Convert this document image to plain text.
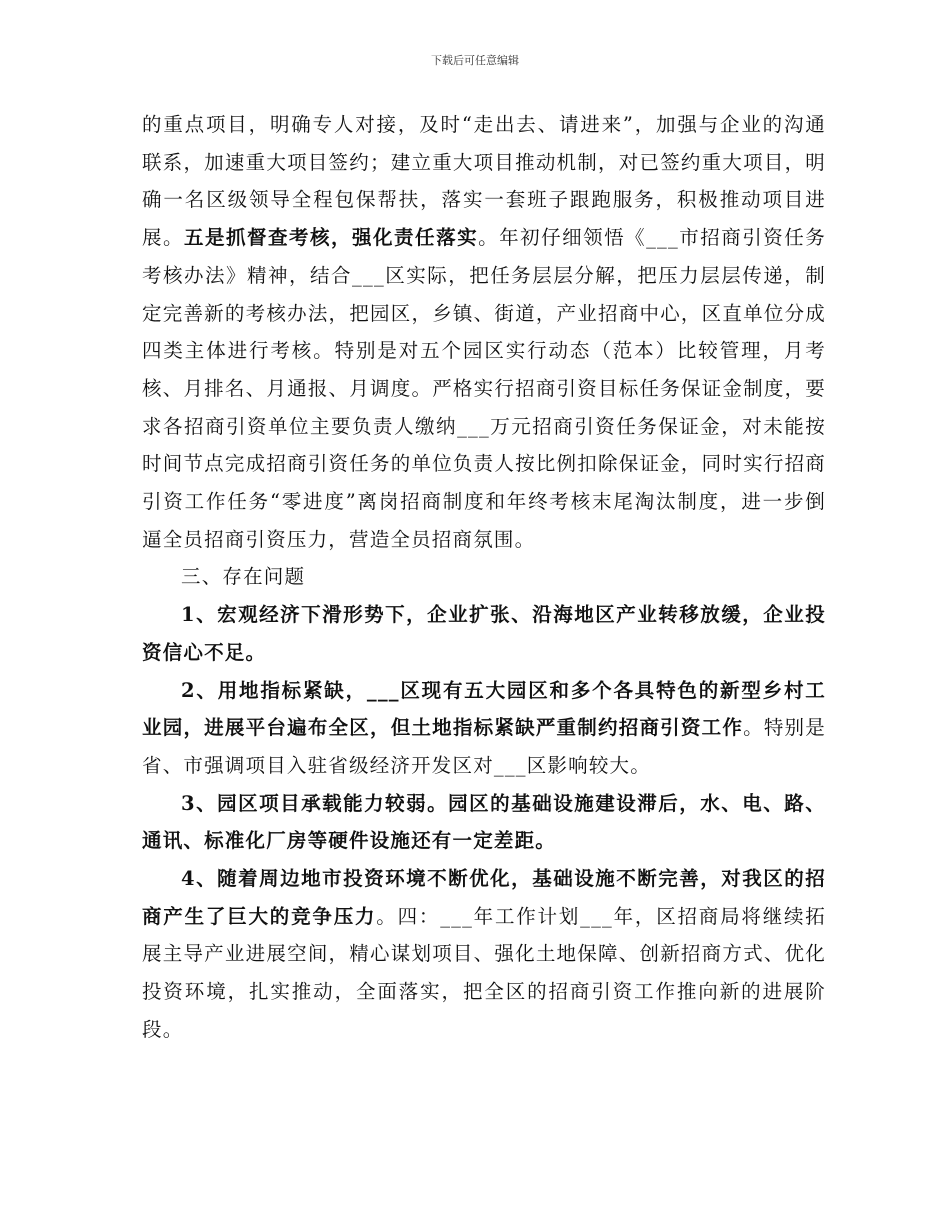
下载后可任意编辑

的重点项目，明确专人对接，及时“走出去、请进来”，加强与企业的沟通联系，加速重大项目签约；建立重大项目推动机制，对已签约重大项目，明确一名区级领导全程包保帮扶，落实一套班子跟跑服务，积极推动项目进展。五是抓督查考核，强化责任落实。年初仔细领悟《___市招商引资任务考核办法》精神，结合___区实际，把任务层层分解，把压力层层传递，制定完善新的考核办法，把园区，乡镇、街道，产业招商中心，区直单位分成四类主体进行考核。特别是对五个园区实行动态（范本）比较管理，月考核、月排名、月通报、月调度。严格实行招商引资目标任务保证金制度，要求各招商引资单位主要负责人缴纳___万元招商引资任务保证金，对未能按时间节点完成招商引资任务的单位负责人按比例扣除保证金，同时实行招商引资工作任务“零进度”离岗招商制度和年终考核末尾淘汰制度，进一步倒逼全员招商引资压力，营造全员招商氛围。

三、存在问题

1、宏观经济下滑形势下，企业扩张、沿海地区产业转移放缓，企业投资信心不足。

2、用地指标紧缺，___区现有五大园区和多个各具特色的新型乡村工业园，进展平台遍布全区，但土地指标紧缺严重制约招商引资工作。特别是省、市强调项目入驻省级经济开发区对___区影响较大。

3、园区项目承载能力较弱。园区的基础设施建设滞后，水、电、路、通讯、标准化厂房等硬件设施还有一定差距。

4、随着周边地市投资环境不断优化，基础设施不断完善，对我区的招商产生了巨大的竞争压力。四：___年工作计划___年，区招商局将继续拓展主导产业进展空间，精心谋划项目、强化土地保障、创新招商方式、优化投资环境，扎实推动，全面落实，把全区的招商引资工作推向新的进展阶段。
